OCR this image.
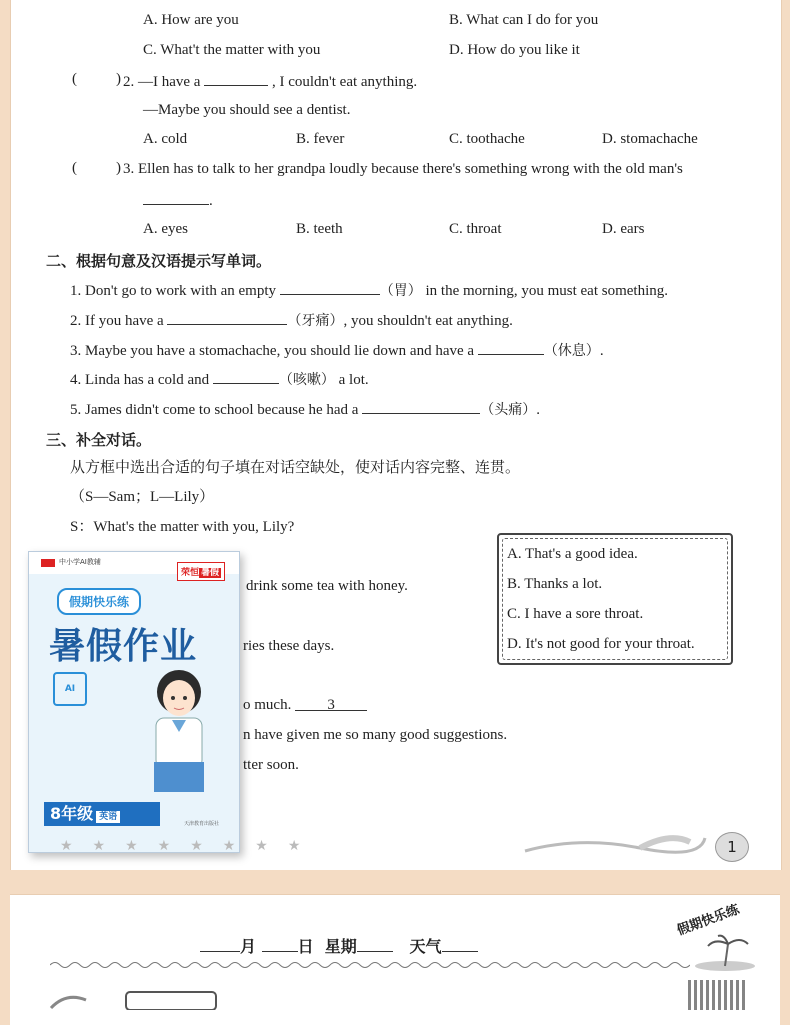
A. How are you	B. What can I do for you
C. What't the matter with you	D. How do you like it
(	) 2. —I have a	, I couldn't eat anything.
—Maybe you should see a dentist.
A. cold	B. fever	C. toothache	D. stomachache
(	) 3. Ellen has to talk to her grandpa loudly because there's something wrong with the old man's
.
A. eyes	B. teeth	C. throat	D. ears
二、根据句意及汉语提示写单词。
1. Don't go to work with an empty	（胃） in the morning, you must eat something.
2. If you have a	（牙痛）, you shouldn't eat anything.
3. Maybe you have a stomachache, you should lie down and have a	（休息）.
4. Linda has a cold and	（咳嗽） a lot.
5. James didn't come to school because he had a	（头痛）.
三、补全对话。
从方框中选出合适的句子填在对话空缺处，使对话内容完整、连贯。
（S—Sam；L—Lily）
S：What's the matter with you, Lily?
drink some tea with honey.
ries these days.
o much. 3
n have given me so many good suggestions.
tter soon.
A. That's a good idea.
B. Thanks a lot.
C. I have a sore throat.
D. It's not good for your throat.
中小学AI教辅
荣恒 暑假
假期快乐练
暑假作业
AI
8年级 英语
天津教育出版社
★★★★★★★★	1
月	日 星期	天气
假期快乐练
